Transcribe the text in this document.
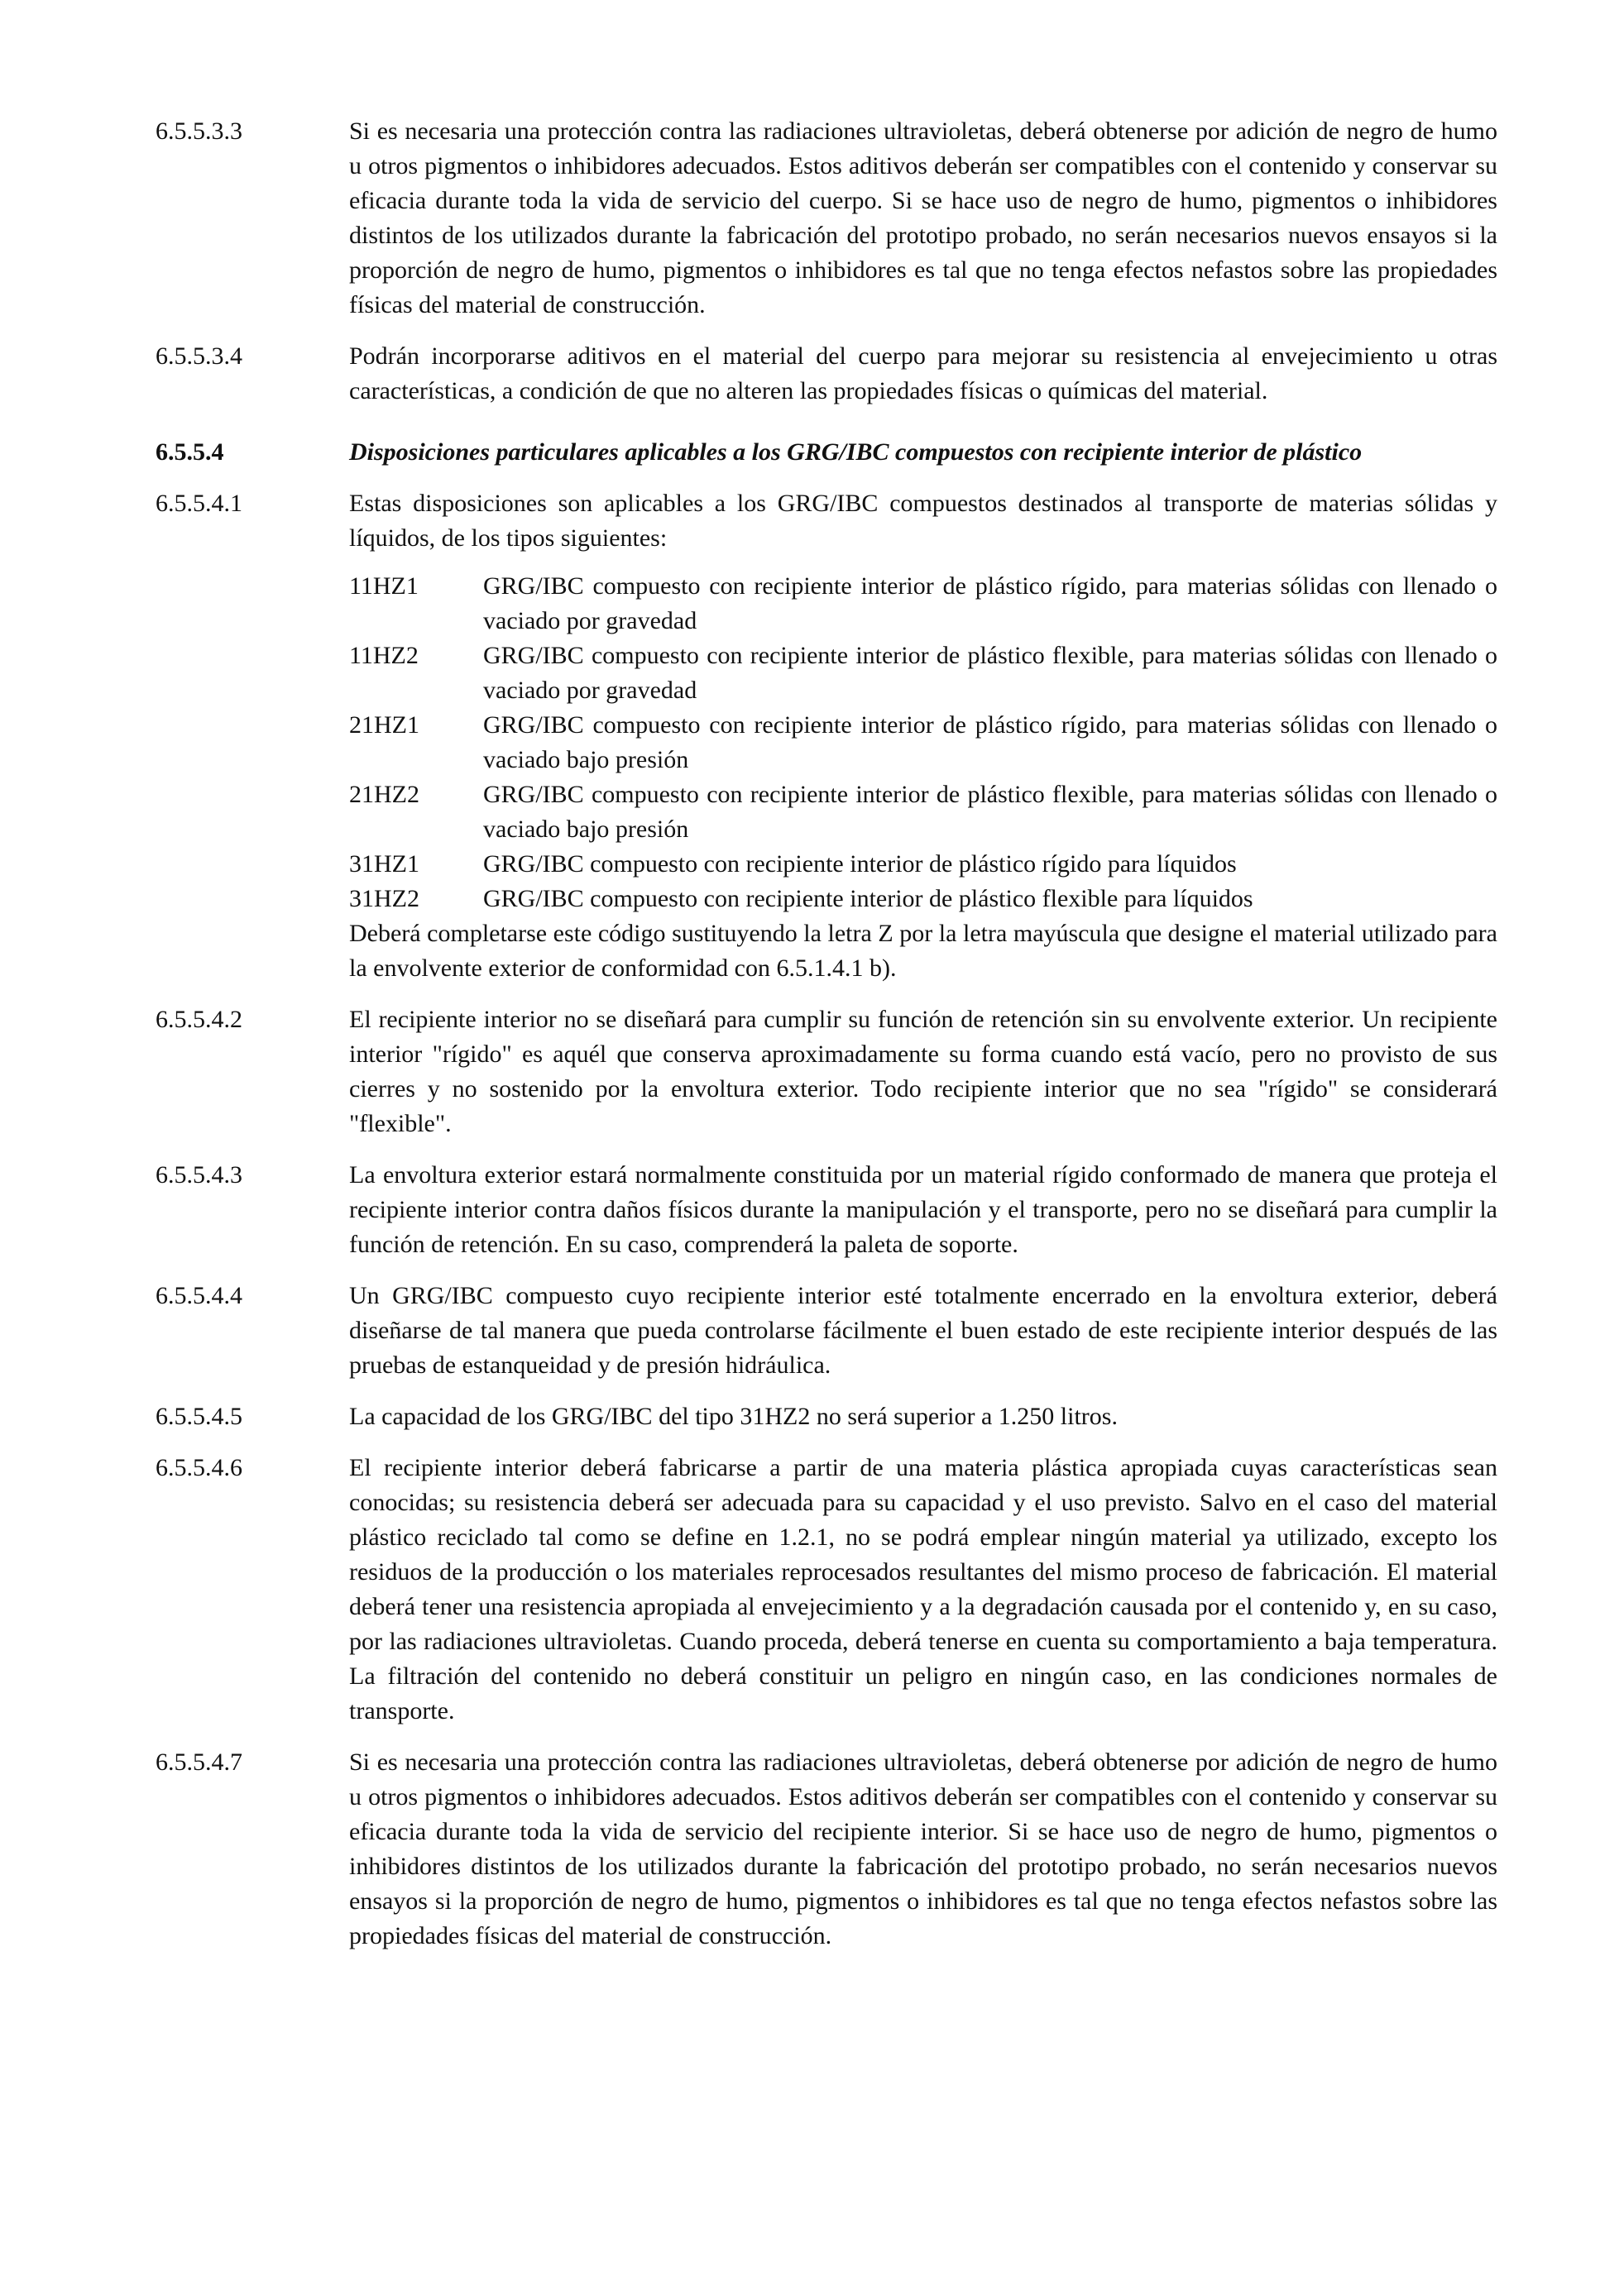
6.5.5.3.3	Si es necesaria una protección contra las radiaciones ultravioletas, deberá obtenerse por adición de negro de humo u otros pigmentos o inhibidores adecuados. Estos aditivos deberán ser compatibles con el contenido y conservar su eficacia durante toda la vida de servicio del cuerpo. Si se hace uso de negro de humo, pigmentos o inhibidores distintos de los utilizados durante la fabricación del prototipo probado, no serán necesarios nuevos ensayos si la proporción de negro de humo, pigmentos o inhibidores es tal que no tenga efectos nefastos sobre las propiedades físicas del material de construcción.

6.5.5.3.4	Podrán incorporarse aditivos en el material del cuerpo para mejorar su resistencia al envejecimiento u otras características, a condición de que no alteren las propiedades físicas o químicas del material.

6.5.5.4	Disposiciones particulares aplicables a los GRG/IBC compuestos con recipiente interior de plástico

6.5.5.4.1	Estas disposiciones son aplicables a los GRG/IBC compuestos destinados al transporte de materias sólidas y líquidos, de los tipos siguientes:

11HZ1	GRG/IBC compuesto con recipiente interior de plástico rígido, para materias sólidas con llenado o vaciado por gravedad
11HZ2	GRG/IBC compuesto con recipiente interior de plástico flexible, para materias sólidas con llenado o vaciado por gravedad
21HZ1	GRG/IBC compuesto con recipiente interior de plástico rígido, para materias sólidas con llenado o vaciado bajo presión
21HZ2	GRG/IBC compuesto con recipiente interior de plástico flexible, para materias sólidas con llenado o vaciado bajo presión
31HZ1	GRG/IBC compuesto con recipiente interior de plástico rígido para líquidos
31HZ2	GRG/IBC compuesto con recipiente interior de plástico flexible para líquidos

Deberá completarse este código sustituyendo la letra Z por la letra mayúscula que designe el material utilizado para la envolvente exterior de conformidad con 6.5.1.4.1 b).

6.5.5.4.2	El recipiente interior no se diseñará para cumplir su función de retención sin su envolvente exterior. Un recipiente interior "rígido" es aquél que conserva aproximadamente su forma cuando está vacío, pero no provisto de sus cierres y no sostenido por la envoltura exterior. Todo recipiente interior que no sea "rígido" se considerará "flexible".

6.5.5.4.3	La envoltura exterior estará normalmente constituida por un material rígido conformado de manera que proteja el recipiente interior contra daños físicos durante la manipulación y el transporte, pero no se diseñará para cumplir la función de retención. En su caso, comprenderá la paleta de soporte.

6.5.5.4.4	Un GRG/IBC compuesto cuyo recipiente interior esté totalmente encerrado en la envoltura exterior, deberá diseñarse de tal manera que pueda controlarse fácilmente el buen estado de este recipiente interior después de las pruebas de estanqueidad y de presión hidráulica.

6.5.5.4.5	La capacidad de los GRG/IBC del tipo 31HZ2 no será superior a 1.250 litros.

6.5.5.4.6	El recipiente interior deberá fabricarse a partir de una materia plástica apropiada cuyas características sean conocidas; su resistencia deberá ser adecuada para su capacidad y el uso previsto. Salvo en el caso del material plástico reciclado tal como se define en 1.2.1, no se podrá emplear ningún material ya utilizado, excepto los residuos de la producción o los materiales reprocesados resultantes del mismo proceso de fabricación. El material deberá tener una resistencia apropiada al envejecimiento y a la degradación causada por el contenido y, en su caso, por las radiaciones ultravioletas. Cuando proceda, deberá tenerse en cuenta su comportamiento a baja temperatura. La filtración del contenido no deberá constituir un peligro en ningún caso, en las condiciones normales de transporte.

6.5.5.4.7	Si es necesaria una protección contra las radiaciones ultravioletas, deberá obtenerse por adición de negro de humo u otros pigmentos o inhibidores adecuados. Estos aditivos deberán ser compatibles con el contenido y conservar su eficacia durante toda la vida de servicio del recipiente interior. Si se hace uso de negro de humo, pigmentos o inhibidores distintos de los utilizados durante la fabricación del prototipo probado, no serán necesarios nuevos ensayos si la proporción de negro de humo, pigmentos o inhibidores es tal que no tenga efectos nefastos sobre las propiedades físicas del material de construcción.
